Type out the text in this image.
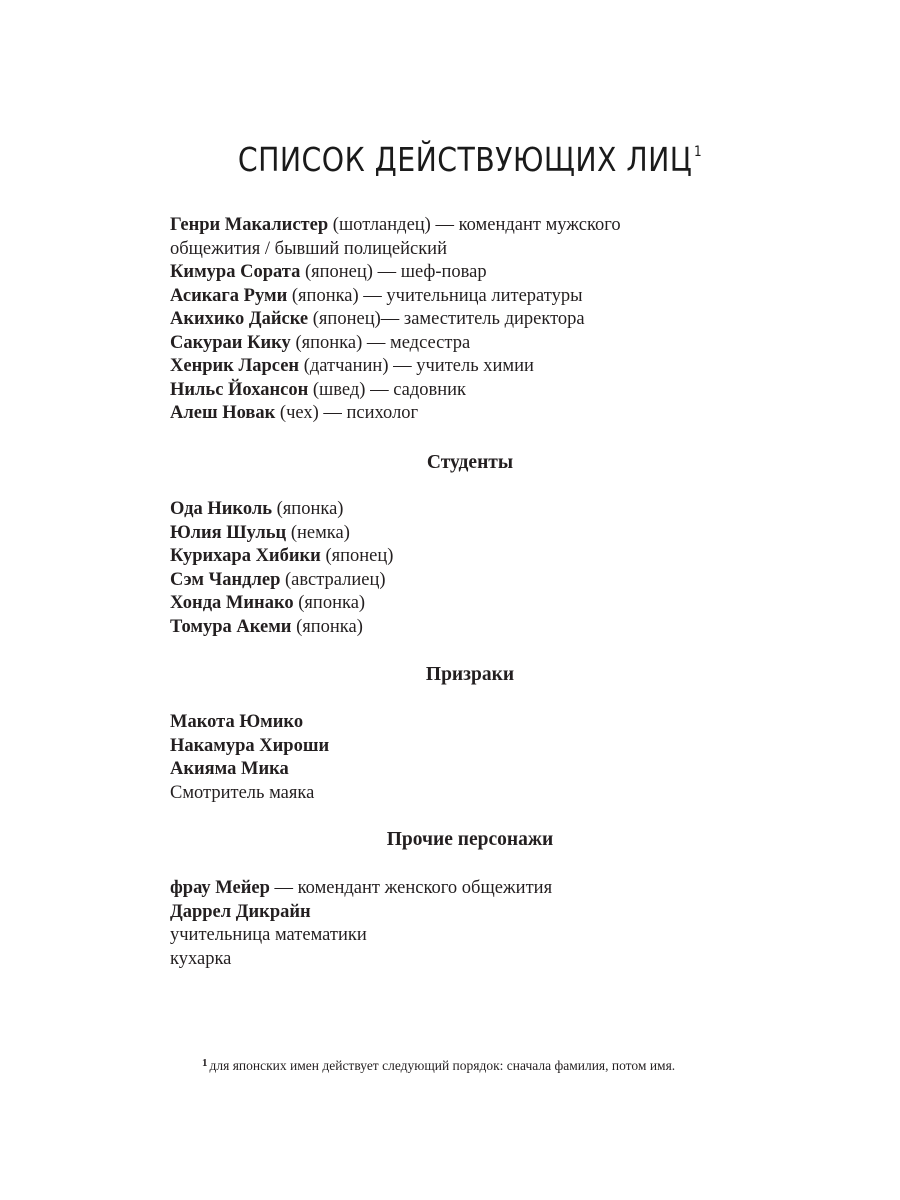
СПИСОК ДЕЙСТВУЮЩИХ ЛИЦ $^1$
Генри Макалистер (шотландец) — комендант мужского
общежития / бывший полицейский
Кимура Сората (японец) — шеф-повар
Асикага Руми (японка) — учительница литературы
Акихико Дайске (японец)— заместитель директора
Сакураи Кику (японка) — медсестра
Хенрик Ларсен (датчанин) — учитель химии
Нильс Йохансон (швед) — садовник
Алеш Новак (чех) — психолог
Студенты
Ода Николь (японка)
Юлия Шульц (немка)
Курихара Хибики (японец)
Сэм Чандлер (австралиец)
Хонда Минако (японка)
Томура Акеми (японка)
Призраки
Макота Юмико
Накамура Хироши
Акияма Мика
Смотритель маяка
Прочие персонажи
фрау Мейер — комендант женского общежития
Даррел Дикрайн
учительница математики
кухарка
$^1$ для японских имен действует следующий порядок: сначала фамилия, потом имя.
